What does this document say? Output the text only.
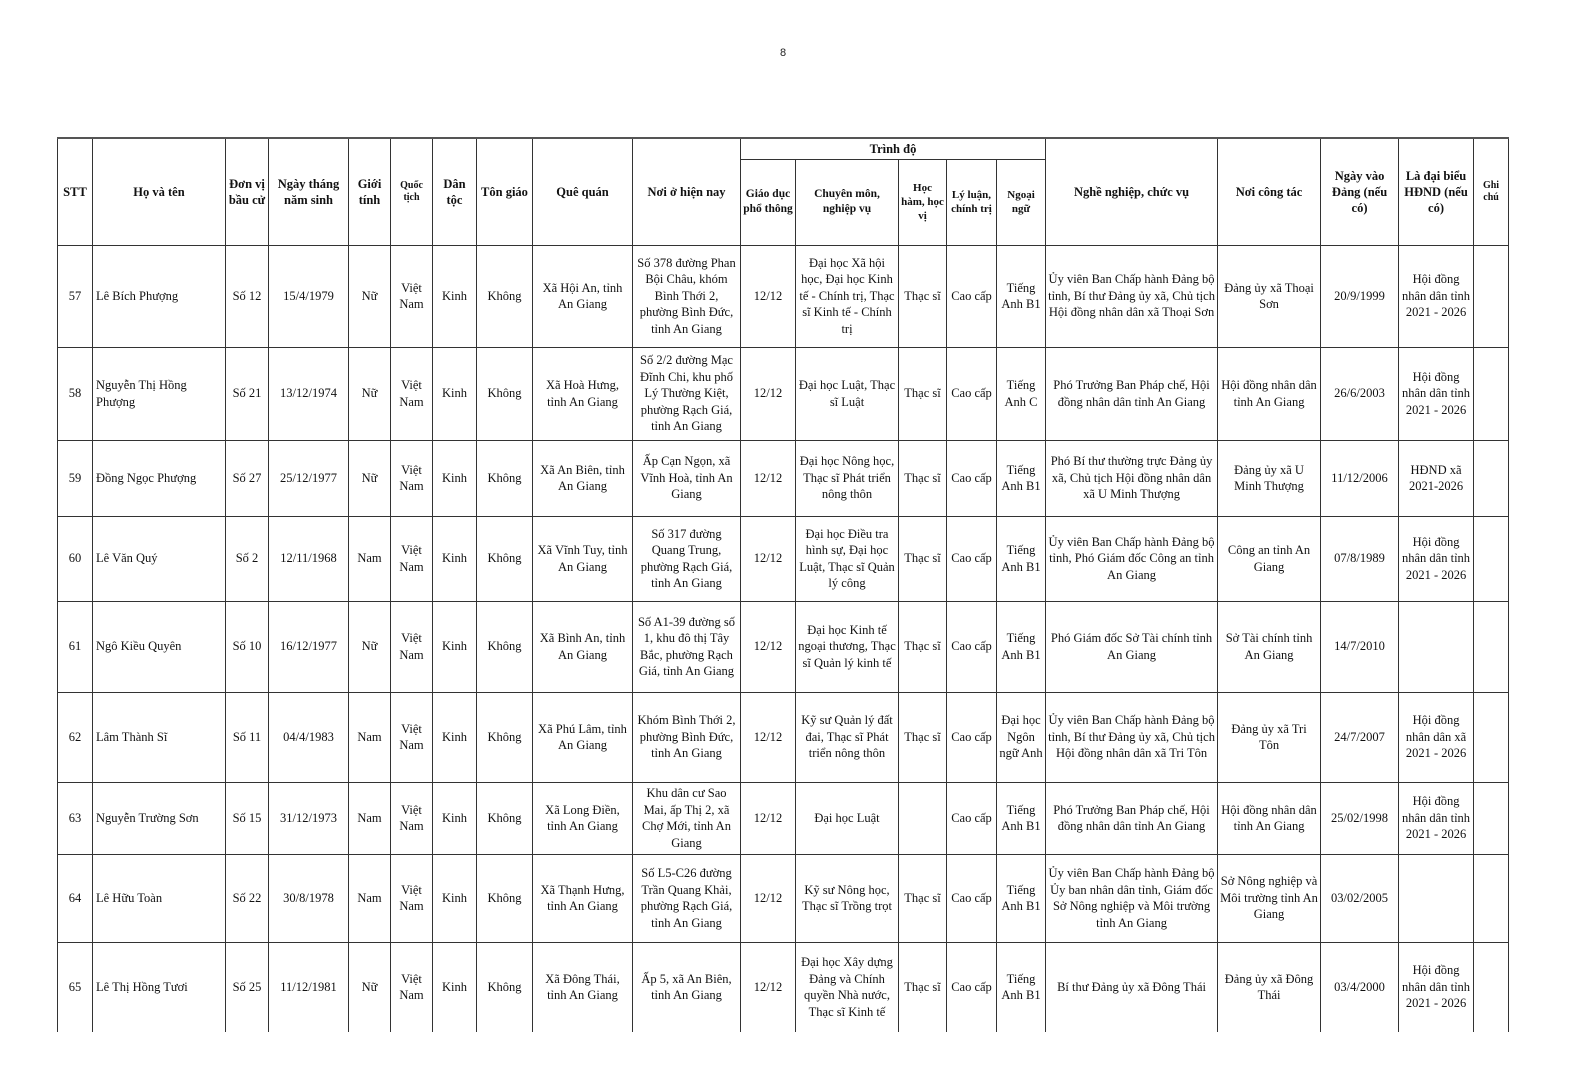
8
STT	Họ và tên	Đơn vị bầu cử	Ngày tháng năm sinh	Giới tính	Quốc tịch	Dân tộc	Tôn giáo	Quê quán	Nơi ở hiện nay	Trình độ					Nghề nghiệp, chức vụ	Nơi công tác	Ngày vào Đảng (nếu có)	Là đại biểu HĐND (nếu có)	Ghi chú
										Giáo dục phổ thông	Chuyên môn, nghiệp vụ	Học hàm, học vị	Lý luận, chính trị	Ngoại ngữ					
57	Lê Bích Phượng	Số 12	15/4/1979	Nữ	Việt Nam	Kinh	Không	Xã Hội An, tỉnh An Giang	Số 378 đường Phan Bội Châu, khóm Bình Thới 2, phường Bình Đức, tỉnh An Giang	12/12	Đại học Xã hội học, Đại học Kinh tế - Chính trị, Thạc sĩ Kinh tế - Chính trị	Thạc sĩ	Cao cấp	Tiếng Anh B1	Ủy viên Ban Chấp hành Đảng bộ tỉnh, Bí thư Đảng ủy xã, Chủ tịch Hội đồng nhân dân xã Thoại Sơn	Đảng ủy xã Thoại Sơn	20/9/1999	Hội đồng nhân dân tỉnh 2021 - 2026	
58	Nguyễn Thị Hồng Phượng	Số 21	13/12/1974	Nữ	Việt Nam	Kinh	Không	Xã Hoà Hưng, tỉnh An Giang	Số 2/2 đường Mạc Đĩnh Chi, khu phố Lý Thường Kiệt, phường Rạch Giá, tỉnh An Giang	12/12	Đại học Luật, Thạc sĩ Luật	Thạc sĩ	Cao cấp	Tiếng Anh C	Phó Trưởng Ban Pháp chế, Hội đồng nhân dân tỉnh An Giang	Hội đồng nhân dân tỉnh An Giang	26/6/2003	Hội đồng nhân dân tỉnh 2021 - 2026	
59	Đồng Ngọc Phượng	Số 27	25/12/1977	Nữ	Việt Nam	Kinh	Không	Xã An Biên, tỉnh An Giang	Ấp Cạn Ngọn, xã Vĩnh Hoà, tỉnh An Giang	12/12	Đại học Nông học, Thạc sĩ Phát triển nông thôn	Thạc sĩ	Cao cấp	Tiếng Anh B1	Phó Bí thư thường trực Đảng ủy xã, Chủ tịch Hội đồng nhân dân xã U Minh Thượng	Đảng ủy xã U Minh Thượng	11/12/2006	HĐND xã 2021-2026	
60	Lê Văn Quý	Số 2	12/11/1968	Nam	Việt Nam	Kinh	Không	Xã Vĩnh Tuy, tỉnh An Giang	Số 317 đường Quang Trung, phường Rạch Giá, tỉnh An Giang	12/12	Đại học Điều tra hình sự, Đại học Luật, Thạc sĩ Quản lý công	Thạc sĩ	Cao cấp	Tiếng Anh B1	Ủy viên Ban Chấp hành Đảng bộ tỉnh, Phó Giám đốc Công an tỉnh An Giang	Công an tỉnh An Giang	07/8/1989	Hội đồng nhân dân tỉnh 2021 - 2026	
61	Ngô Kiều Quyên	Số 10	16/12/1977	Nữ	Việt Nam	Kinh	Không	Xã Bình An, tỉnh An Giang	Số A1-39 đường số 1, khu đô thị Tây Bắc, phường Rạch Giá, tỉnh An Giang	12/12	Đại học Kinh tế ngoại thương, Thạc sĩ Quản lý kinh tế	Thạc sĩ	Cao cấp	Tiếng Anh B1	Phó Giám đốc Sở Tài chính tỉnh An Giang	Sở Tài chính tỉnh An Giang	14/7/2010		
62	Lâm Thành Sĩ	Số 11	04/4/1983	Nam	Việt Nam	Kinh	Không	Xã Phú Lâm, tỉnh An Giang	Khóm Bình Thới 2, phường Bình Đức, tỉnh An Giang	12/12	Kỹ sư Quản lý đất đai, Thạc sĩ Phát triển nông thôn	Thạc sĩ	Cao cấp	Đại học Ngôn ngữ Anh	Ủy viên Ban Chấp hành Đảng bộ tỉnh, Bí thư Đảng ủy xã, Chủ tịch Hội đồng nhân dân xã Tri Tôn	Đảng ủy xã Tri Tôn	24/7/2007	Hội đồng nhân dân xã 2021 - 2026	
63	Nguyễn Trường Sơn	Số 15	31/12/1973	Nam	Việt Nam	Kinh	Không	Xã Long Điền, tỉnh An Giang	Khu dân cư Sao Mai, ấp Thị 2, xã Chợ Mới, tỉnh An Giang	12/12	Đại học Luật		Cao cấp	Tiếng Anh B1	Phó Trưởng Ban Pháp chế, Hội đồng nhân dân tỉnh An Giang	Hội đồng nhân dân tỉnh An Giang	25/02/1998	Hội đồng nhân dân tỉnh 2021 - 2026	
64	Lê Hữu Toàn	Số 22	30/8/1978	Nam	Việt Nam	Kinh	Không	Xã Thạnh Hưng, tỉnh An Giang	Số L5-C26 đường Trần Quang Khải, phường Rạch Giá, tỉnh An Giang	12/12	Kỹ sư Nông học, Thạc sĩ Trồng trọt	Thạc sĩ	Cao cấp	Tiếng Anh B1	Ủy viên Ban Chấp hành Đảng bộ Ủy ban nhân dân tỉnh, Giám đốc Sở Nông nghiệp và Môi trường tỉnh An Giang	Sở Nông nghiệp và Môi trường tỉnh An Giang	03/02/2005		
65	Lê Thị Hồng Tươi	Số 25	11/12/1981	Nữ	Việt Nam	Kinh	Không	Xã Đông Thái, tỉnh An Giang	Ấp 5, xã An Biên, tỉnh An Giang	12/12	Đại học Xây dựng Đảng và Chính quyền Nhà nước, Thạc sĩ Kinh tế	Thạc sĩ	Cao cấp	Tiếng Anh B1	Bí thư Đảng ủy xã Đông Thái	Đảng ủy xã Đông Thái	03/4/2000	Hội đồng nhân dân tỉnh 2021 - 2026	
